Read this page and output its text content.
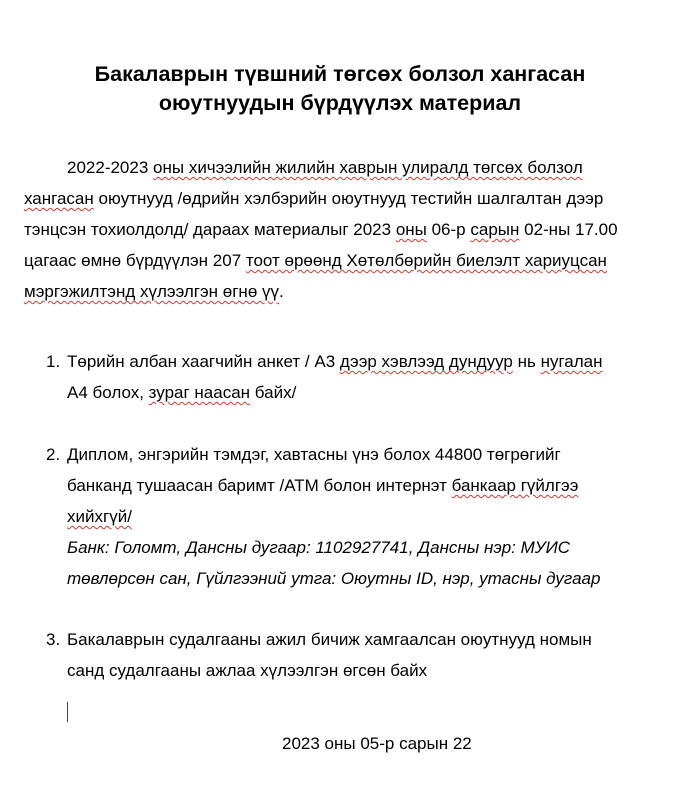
Бакалаврын түвшний төгсөх болзол хангасан
оюутнуудын бүрдүүлэх материал
2022-2023 оны хичээлийн жилийн хаврын улиралд төгсөх болзол
хангасан оюутнууд /өдрийн хэлбэрийн оюутнууд тестийн шалгалтан дээр
тэнцсэн тохиолдолд/ дараах материалыг 2023 оны 06-р сарын 02-ны 17.00
цагаас өмнө бүрдүүлэн 207 тоот өрөөнд Хөтөлбөрийн биелэлт хариуцсан
мэргэжилтэнд хүлээлгэн өгнө үү.
1. Төрийн албан хаагчийн анкет / А3 дээр хэвлээд дундуур нь нугалан
А4 болох, зураг наасан байх/
2. Диплом, энгэрийн тэмдэг, хавтасны үнэ болох 44800 төгрөгийг
банканд тушаасан баримт /АТМ болон интернэт банкаар гүйлгээ
хийхгүй/
Банк: Голомт, Дансны дугаар: 1102927741, Дансны нэр: МУИС
төвлөрсөн сан, Гүйлгээний утга: Оюутны ID, нэр, утасны дугаар
3. Бакалаврын судалгааны ажил бичиж хамгаалсан оюутнууд номын
санд судалгааны ажлаа хүлээлгэн өгсөн байх
2023 оны 05-р сарын 22
